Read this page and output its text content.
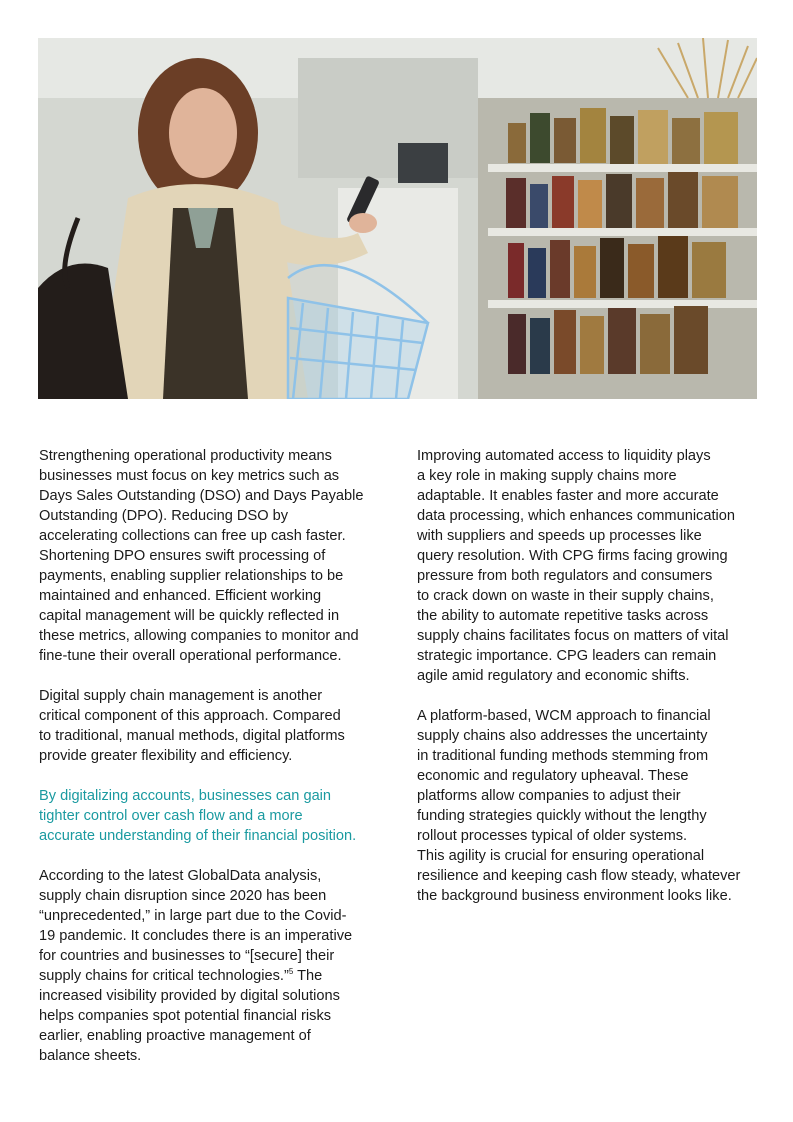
Strengthening operational productivity means
businesses must focus on key metrics such as
Days Sales Outstanding (DSO) and Days Payable
Outstanding (DPO). Reducing DSO by
accelerating collections can free up cash faster.
Shortening DPO ensures swift processing of
payments, enabling supplier relationships to be
maintained and enhanced. Efficient working
capital management will be quickly reflected in
these metrics, allowing companies to monitor and
fine-tune their overall operational performance.

Digital supply chain management is another
critical component of this approach. Compared
to traditional, manual methods, digital platforms
provide greater flexibility and efficiency.

By digitalizing accounts, businesses can gain
tighter control over cash flow and a more
accurate understanding of their financial position.

According to the latest GlobalData analysis,
supply chain disruption since 2020 has been
“unprecedented,” in large part due to the Covid-
19 pandemic. It concludes there is an imperative
for countries and businesses to “[secure] their
supply chains for critical technologies.”$^5$ The
increased visibility provided by digital solutions
helps companies spot potential financial risks
earlier, enabling proactive management of
balance sheets.

Improving automated access to liquidity plays
a key role in making supply chains more
adaptable. It enables faster and more accurate
data processing, which enhances communication
with suppliers and speeds up processes like
query resolution. With CPG firms facing growing
pressure from both regulators and consumers
to crack down on waste in their supply chains,
the ability to automate repetitive tasks across
supply chains facilitates focus on matters of vital
strategic importance. CPG leaders can remain
agile amid regulatory and economic shifts.

A platform-based, WCM approach to financial
supply chains also addresses the uncertainty
in traditional funding methods stemming from
economic and regulatory upheaval. These
platforms allow companies to adjust their
funding strategies quickly without the lengthy
rollout processes typical of older systems.
This agility is crucial for ensuring operational
resilience and keeping cash flow steady, whatever
the background business environment looks like.
